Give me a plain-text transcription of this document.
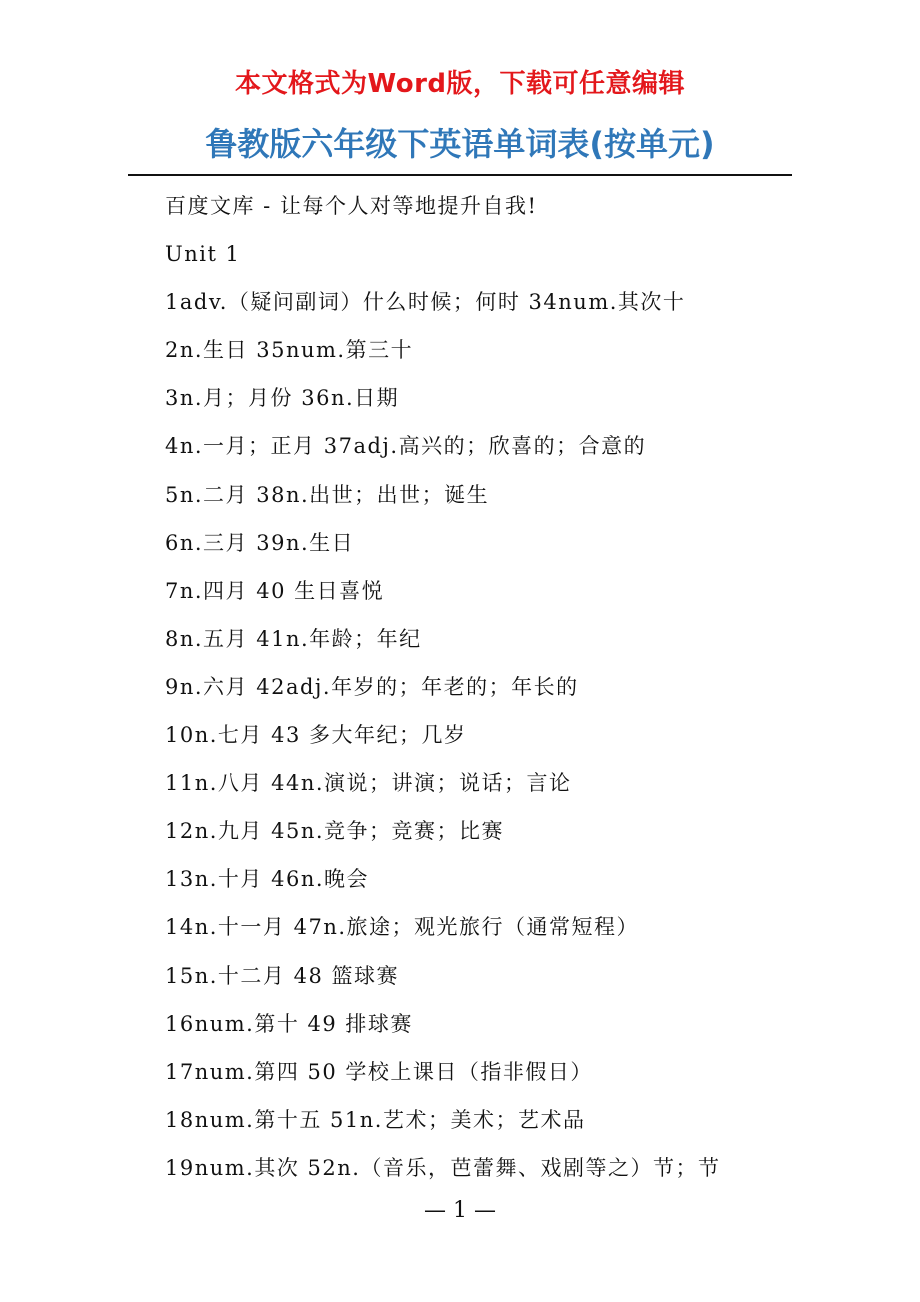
本文格式为Word版，下载可任意编辑
鲁教版六年级下英语单词表(按单元)
百度文库 - 让每个人对等地提升自我!
Unit 1
1adv.（疑问副词）什么时候；何时 34num.其次十
2n.生日 35num.第三十
3n.月；月份 36n.日期
4n.一月；正月 37adj.高兴的；欣喜的；合意的
5n.二月 38n.出世；出世；诞生
6n.三月 39n.生日
7n.四月 40 生日喜悦
8n.五月 41n.年龄；年纪
9n.六月 42adj.年岁的；年老的；年长的
10n.七月 43 多大年纪；几岁
11n.八月 44n.演说；讲演；说话；言论
12n.九月 45n.竞争；竞赛；比赛
13n.十月 46n.晚会
14n.十一月 47n.旅途；观光旅行（通常短程）
15n.十二月 48 篮球赛
16num.第十 49 排球赛
17num.第四 50 学校上课日（指非假日）
18num.第十五 51n.艺术；美术；艺术品
19num.其次 52n.（音乐，芭蕾舞、戏剧等之）节；节
— 1 —
